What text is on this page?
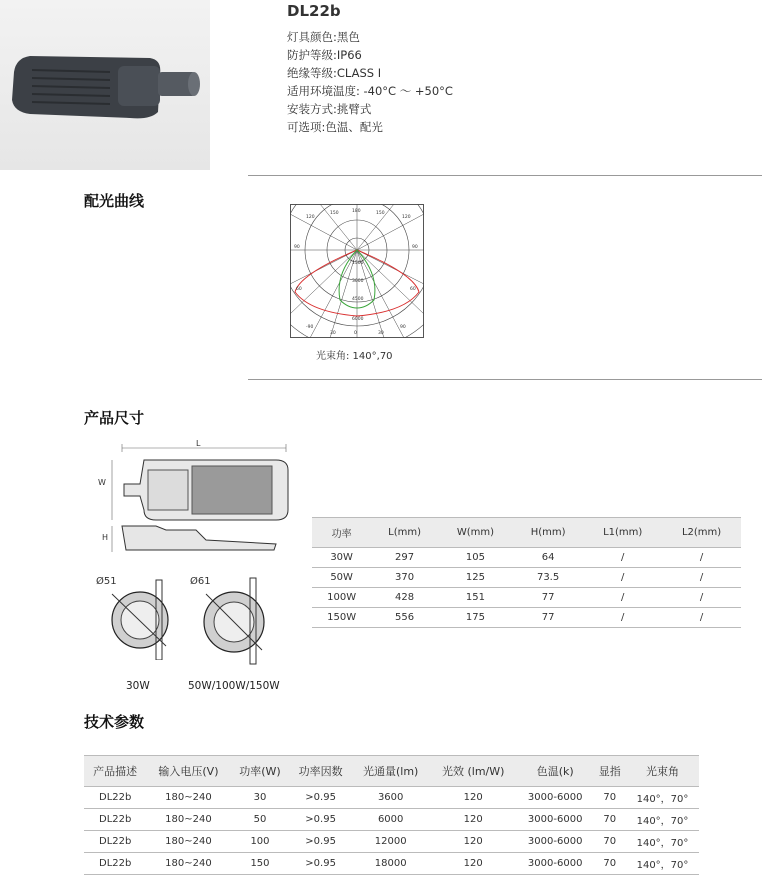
DL22b
灯具颜色:黑色
防护等级:IP66
绝缘等级:CLASS Ⅰ
适用环境温度: -40°C ～ +50°C
安装方式:挑臂式
可选项:色温、配光
配光曲线
120
150	180	150
120
90	90
60	60
-90	90
30	0	30
1500
3000
4500
6000
光束角: 140°,70
产品尺寸
L
W
H
Ø51	Ø61
30W	50W/100W/150W
功率	L(mm)	W(mm)	H(mm)	L1(mm)	L2(mm)
30W	297	105	64	/	/
50W	370	125	73.5	/	/
100W	428	151	77	/	/
150W	556	175	77	/	/
技术参数
产品描述	输入电压(V)	功率(W)	功率因数	光通量(lm)	光效 (lm/W)	色温(k)	显指	光束角
DL22b	180~240	30	>0.95	3600	120	3000-6000	70	140°，70°
DL22b	180~240	50	>0.95	6000	120	3000-6000	70	140°，70°
DL22b	180~240	100	>0.95	12000	120	3000-6000	70	140°，70°
DL22b	180~240	150	>0.95	18000	120	3000-6000	70	140°，70°
